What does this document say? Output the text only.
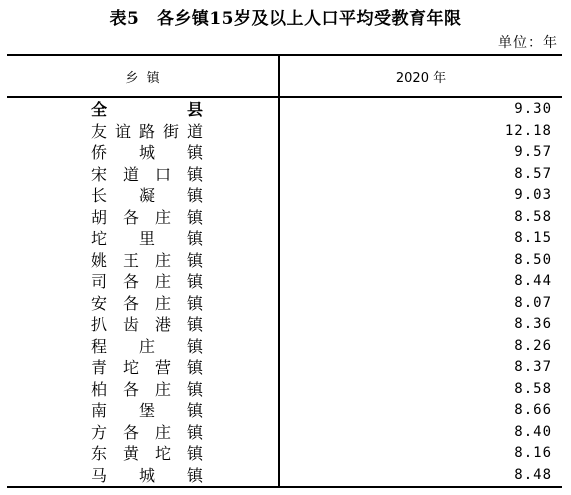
表5　各乡镇15岁及以上人口平均受教育年限
单位：年
乡  镇	2020 年
全	县
友 谊 路 街 道
侨 城 镇
宋 道 口 镇
长 凝 镇
胡 各 庄 镇
坨 里 镇
姚 王 庄 镇
司 各 庄 镇
安 各 庄 镇
扒 齿 港 镇
程 庄 镇
青 坨 营 镇
柏 各 庄 镇
南 堡 镇
方 各 庄 镇
东 黄 坨 镇
马 城 镇
9.30
12.18
9.57
8.57
9.03
8.58
8.15
8.50
8.44
8.07
8.36
8.26
8.37
8.58
8.66
8.40
8.16
8.48
